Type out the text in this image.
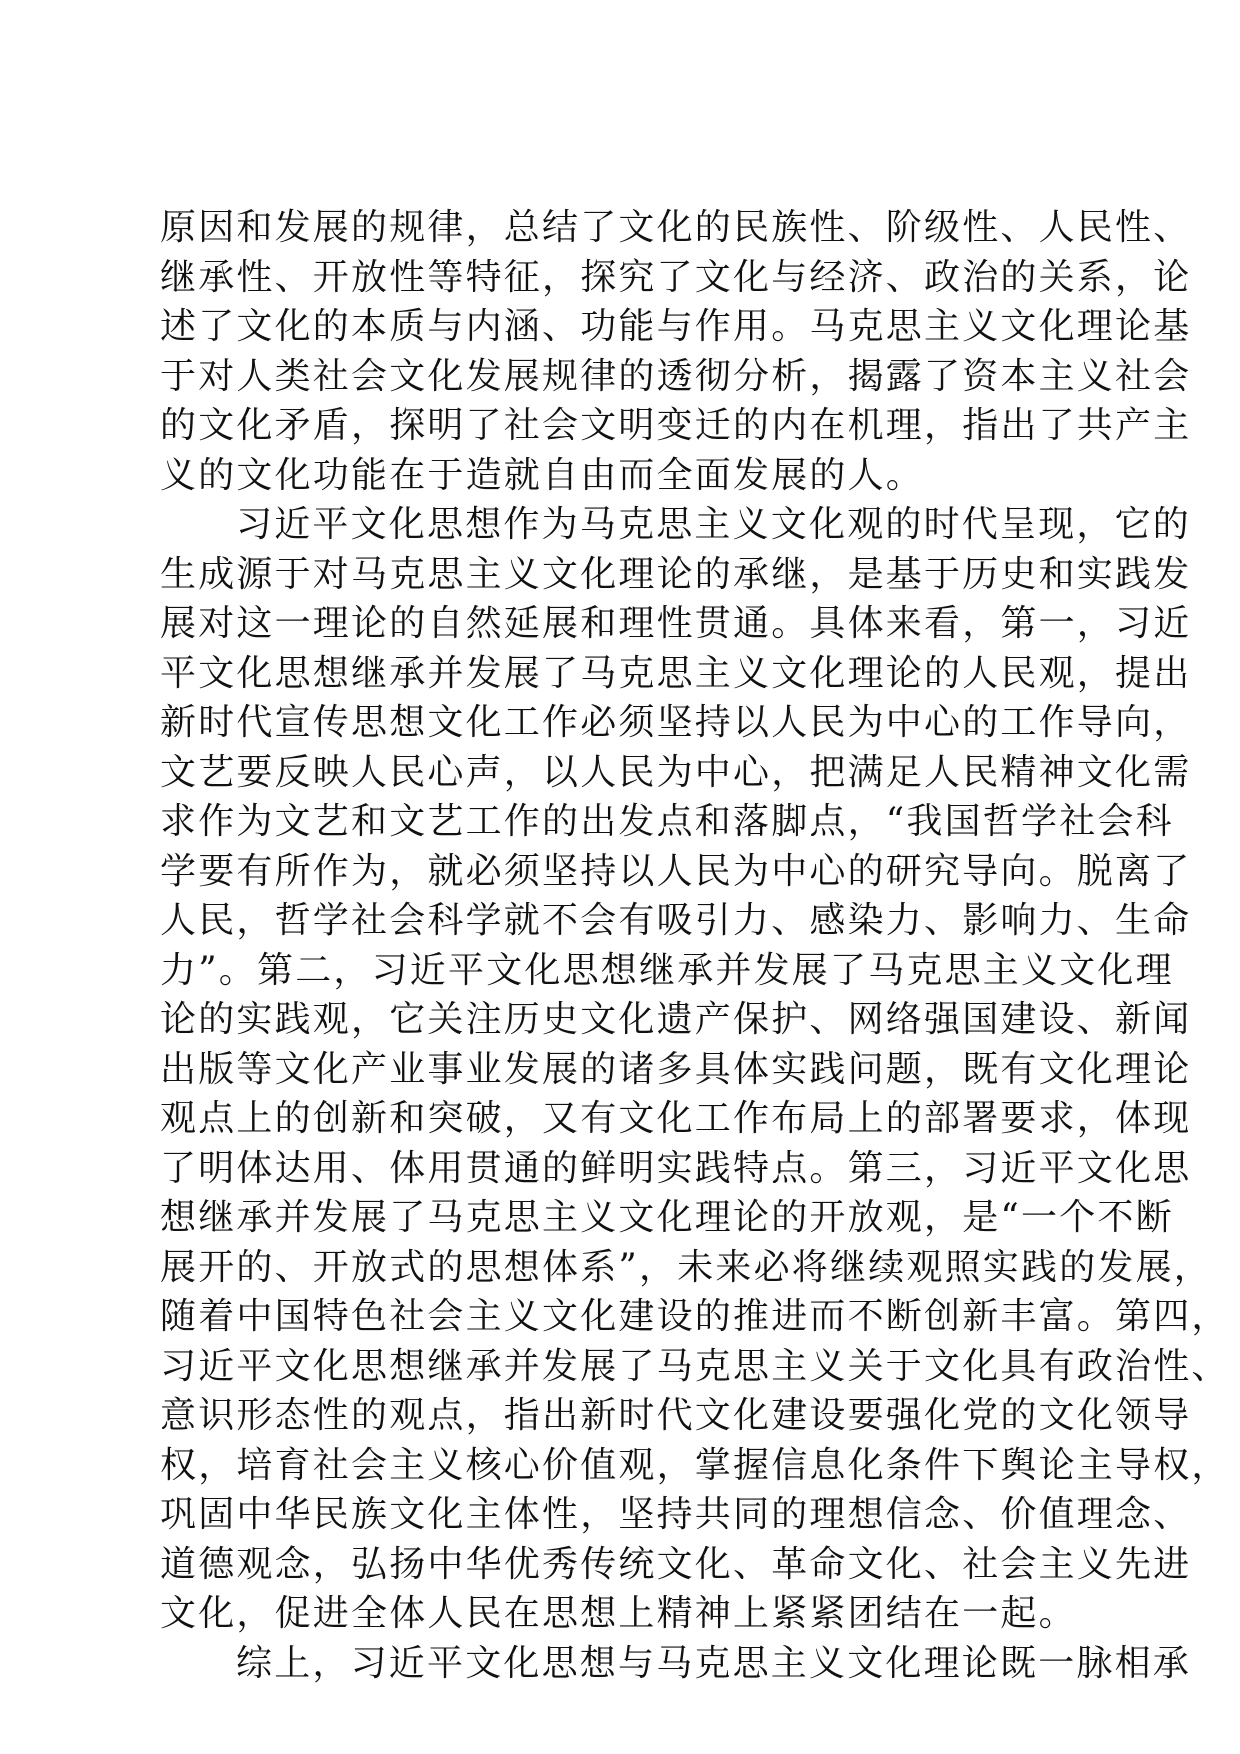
原因和发展的规律，总结了文化的民族性、阶级性、人民性、
继承性、开放性等特征，探究了文化与经济、政治的关系，论
述了文化的本质与内涵、功能与作用。马克思主义文化理论基
于对人类社会文化发展规律的透彻分析，揭露了资本主义社会
的文化矛盾，探明了社会文明变迁的内在机理，指出了共产主
义的文化功能在于造就自由而全面发展的人。
习近平文化思想作为马克思主义文化观的时代呈现，它的
生成源于对马克思主义文化理论的承继，是基于历史和实践发
展对这一理论的自然延展和理性贯通。具体来看，第一，习近
平文化思想继承并发展了马克思主义文化理论的人民观，提出
新时代宣传思想文化工作必须坚持以人民为中心的工作导向，
文艺要反映人民心声，以人民为中心，把满足人民精神文化需
求作为文艺和文艺工作的出发点和落脚点，“我国哲学社会科
学要有所作为，就必须坚持以人民为中心的研究导向。脱离了
人民，哲学社会科学就不会有吸引力、感染力、影响力、生命
力”。第二，习近平文化思想继承并发展了马克思主义文化理
论的实践观，它关注历史文化遗产保护、网络强国建设、新闻
出版等文化产业事业发展的诸多具体实践问题，既有文化理论
观点上的创新和突破，又有文化工作布局上的部署要求，体现
了明体达用、体用贯通的鲜明实践特点。第三，习近平文化思
想继承并发展了马克思主义文化理论的开放观，是“一个不断
展开的、开放式的思想体系”，未来必将继续观照实践的发展，
随着中国特色社会主义文化建设的推进而不断创新丰富。第四，
习近平文化思想继承并发展了马克思主义关于文化具有政治性、
意识形态性的观点，指出新时代文化建设要强化党的文化领导
权，培育社会主义核心价值观，掌握信息化条件下舆论主导权，
巩固中华民族文化主体性，坚持共同的理想信念、价值理念、
道德观念，弘扬中华优秀传统文化、革命文化、社会主义先进
文化，促进全体人民在思想上精神上紧紧团结在一起。
综上，习近平文化思想与马克思主义文化理论既一脉相承
